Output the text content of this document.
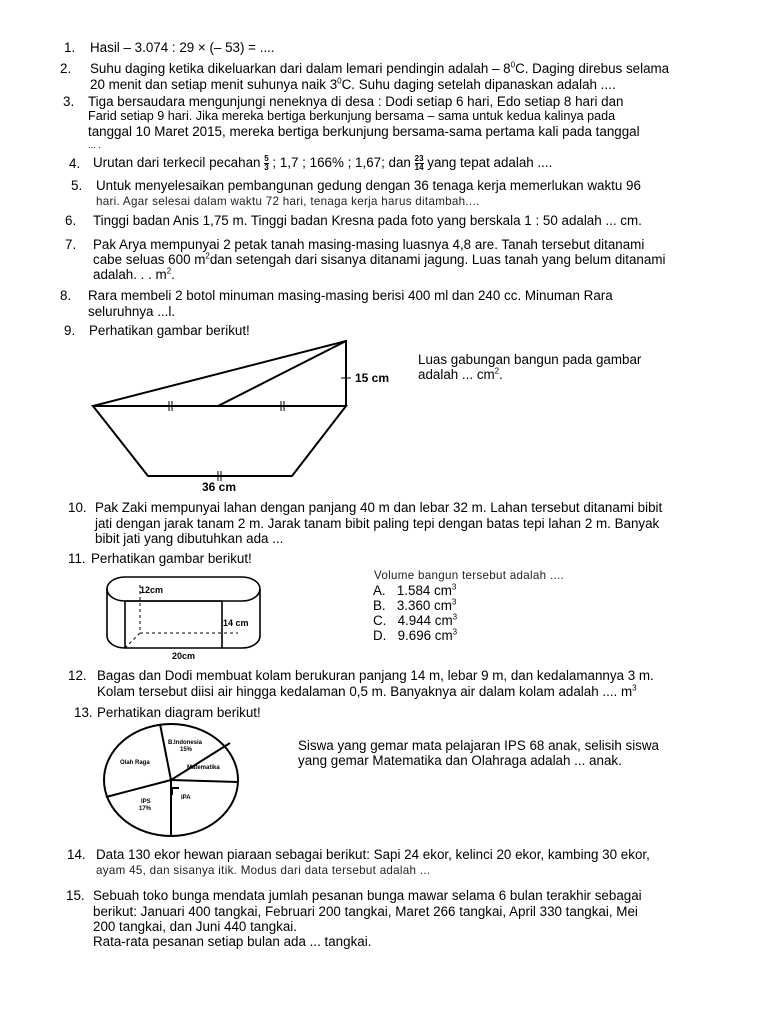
1. Hasil – 3.074 : 29 × (– 53) = ....
2. Suhu daging ketika dikeluarkan dari dalam lemari pendingin adalah – $8^0C$. Daging direbus selama
20 menit dan setiap menit suhunya naik $3^0C$. Suhu daging setelah dipanaskan adalah ....
3. Tiga bersaudara mengunjungi neneknya di desa : Dodi setiap 6 hari, Edo setiap 8 hari dan
Farid setiap 9 hari. Jika mereka bertiga berkunjung bersama – sama untuk kedua kalinya pada
tanggal 10 Maret 2015, mereka bertiga berkunjung bersama-sama pertama kali pada tanggal
... .
4. Urutan dari terkecil pecahan $\frac{5}{3}$ ; 1,7 ; 166% ; 1,67; dan $\frac{23}{14}$ yang tepat adalah ....
5. Untuk menyelesaikan pembangunan gedung dengan 36 tenaga kerja memerlukan waktu 96
hari. Agar selesai dalam waktu 72 hari, tenaga kerja harus ditambah....
6. Tinggi badan Anis 1,75 m. Tinggi badan Kresna pada foto yang berskala 1 : 50 adalah ... cm.
7. Pak Arya mempunyai 2 petak tanah masing-masing luasnya 4,8 are. Tanah tersebut ditanami
cabe seluas 600 $m^2dan$ setengah dari sisanya ditanami jagung. Luas tanah yang belum ditanami
adalah. . . $m^2$.
8. Rara membeli 2 botol minuman masing-masing berisi 400 ml dan 240 cc. Minuman Rara
seluruhnya ...l.
9. Perhatikan gambar berikut!
15 cm
36 cm
Luas gabungan bangun pada gambar
adalah ... $cm^2$.
10. Pak Zaki mempunyai lahan dengan panjang 40 m dan lebar 32 m. Lahan tersebut ditanami bibit
jati dengan jarak tanam 2 m. Jarak tanam bibit paling tepi dengan batas tepi lahan 2 m. Banyak
bibit jati yang dibutuhkan ada ...
11. Perhatikan gambar berikut!
12cm
14 cm
20cm
Volume bangun tersebut adalah ....
A. 1.584 $cm^3$
B. 3.360 $cm^3$
C. 4.944 $cm^3$
D. 9.696 $cm^3$
12. Bagas dan Dodi membuat kolam berukuran panjang 14 m, lebar 9 m, dan kedalamannya 3 m.
Kolam tersebut diisi air hingga kedalaman 0,5 m. Banyaknya air dalam kolam adalah .... $m^3$
13. Perhatikan diagram berikut!
B.Indonesia
15%
Matematika
Olah Raga
IPS
17%
IPA
Siswa yang gemar mata pelajaran IPS 68 anak, selisih siswa
yang gemar Matematika dan Olahraga adalah ... anak.
14. Data 130 ekor hewan piaraan sebagai berikut: Sapi 24 ekor, kelinci 20 ekor, kambing 30 ekor,
ayam 45, dan sisanya itik. Modus dari data tersebut adalah ...
15. Sebuah toko bunga mendata jumlah pesanan bunga mawar selama 6 bulan terakhir sebagai
berikut: Januari 400 tangkai, Februari 200 tangkai, Maret 266 tangkai, April 330 tangkai, Mei
200 tangkai, dan Juni 440 tangkai.
Rata-rata pesanan setiap bulan ada ... tangkai.
